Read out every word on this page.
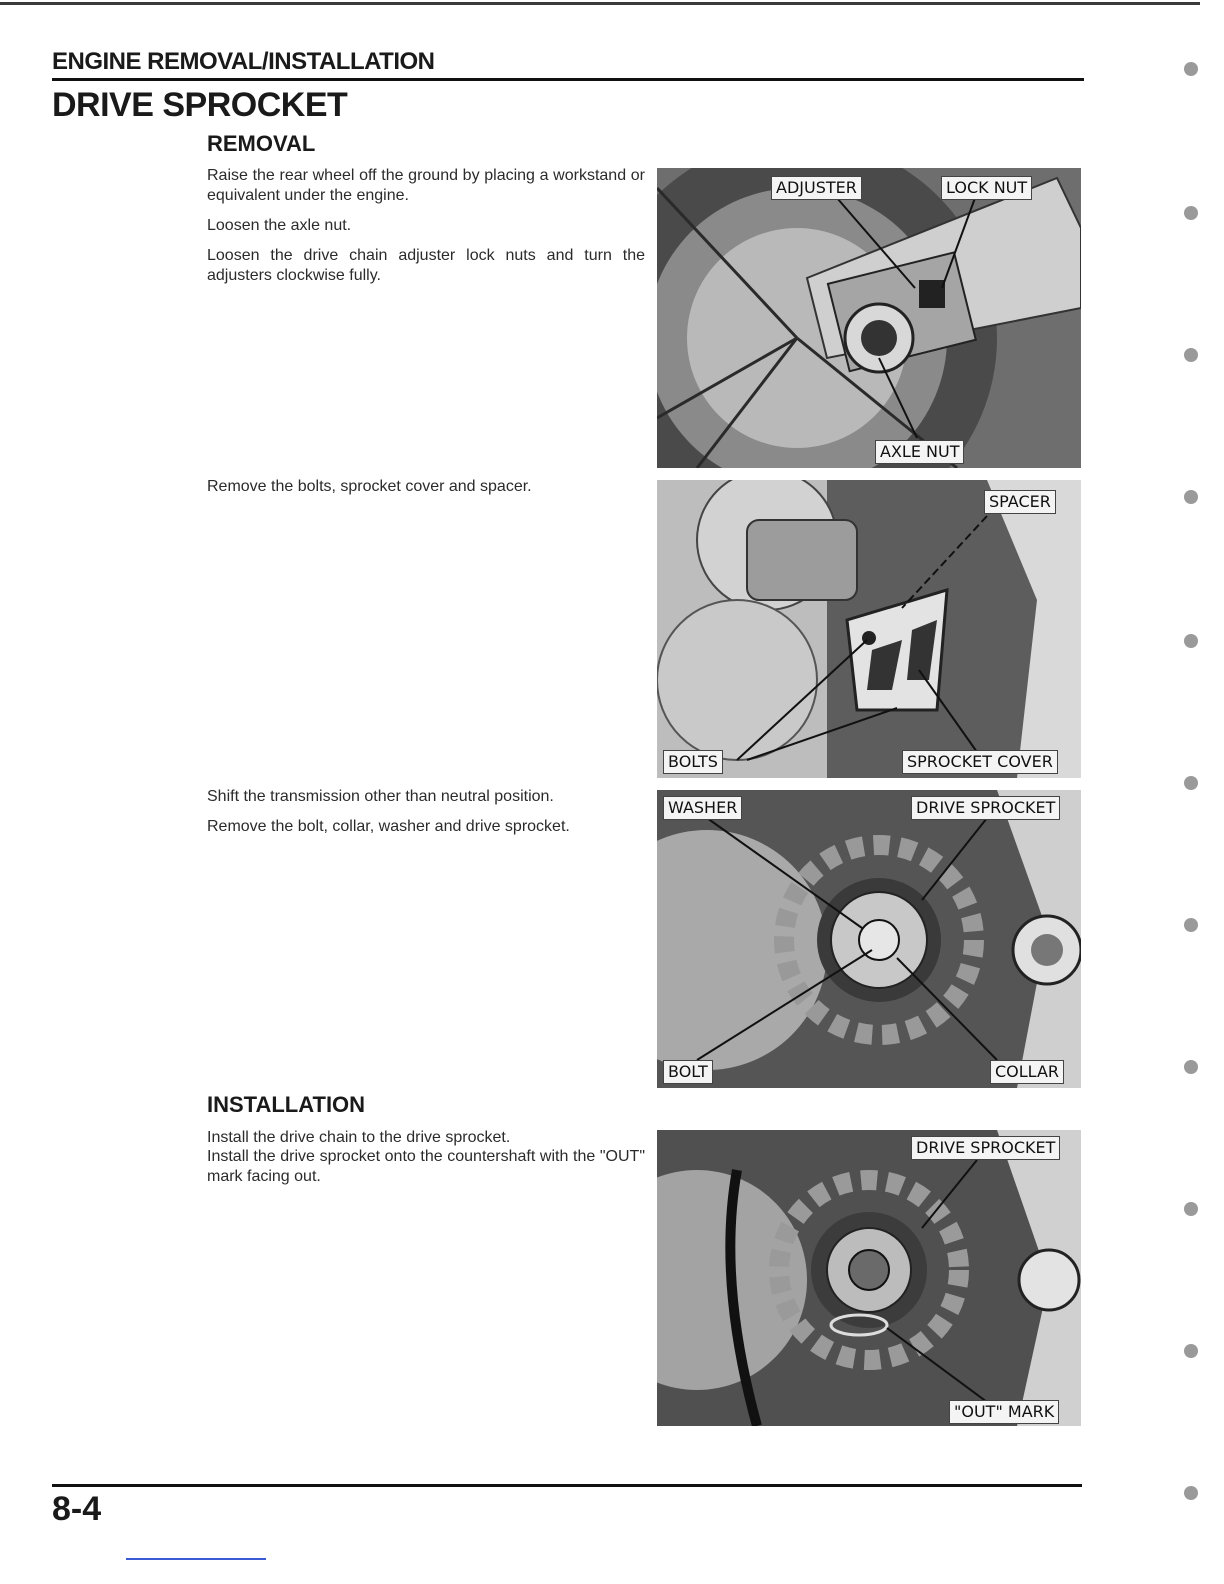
ENGINE REMOVAL/INSTALLATION
DRIVE SPROCKET
REMOVAL

Raise the rear wheel off the ground by placing a workstand or equivalent under the engine.

Loosen the axle nut.

Loosen the drive chain adjuster lock nuts and turn the adjusters clockwise fully.

Remove the bolts, sprocket cover and spacer.

Shift the transmission other than neutral position.

Remove the bolt, collar, washer and drive sprocket.

INSTALLATION

Install the drive chain to the drive sprocket.

Install the drive sprocket onto the countershaft with the "OUT" mark facing out.

ADJUSTER	LOCK NUT
AXLE NUT
SPACER
BOLTS	SPROCKET COVER
WASHER	DRIVE SPROCKET
BOLT	COLLAR
DRIVE SPROCKET
"OUT" MARK
8-4
